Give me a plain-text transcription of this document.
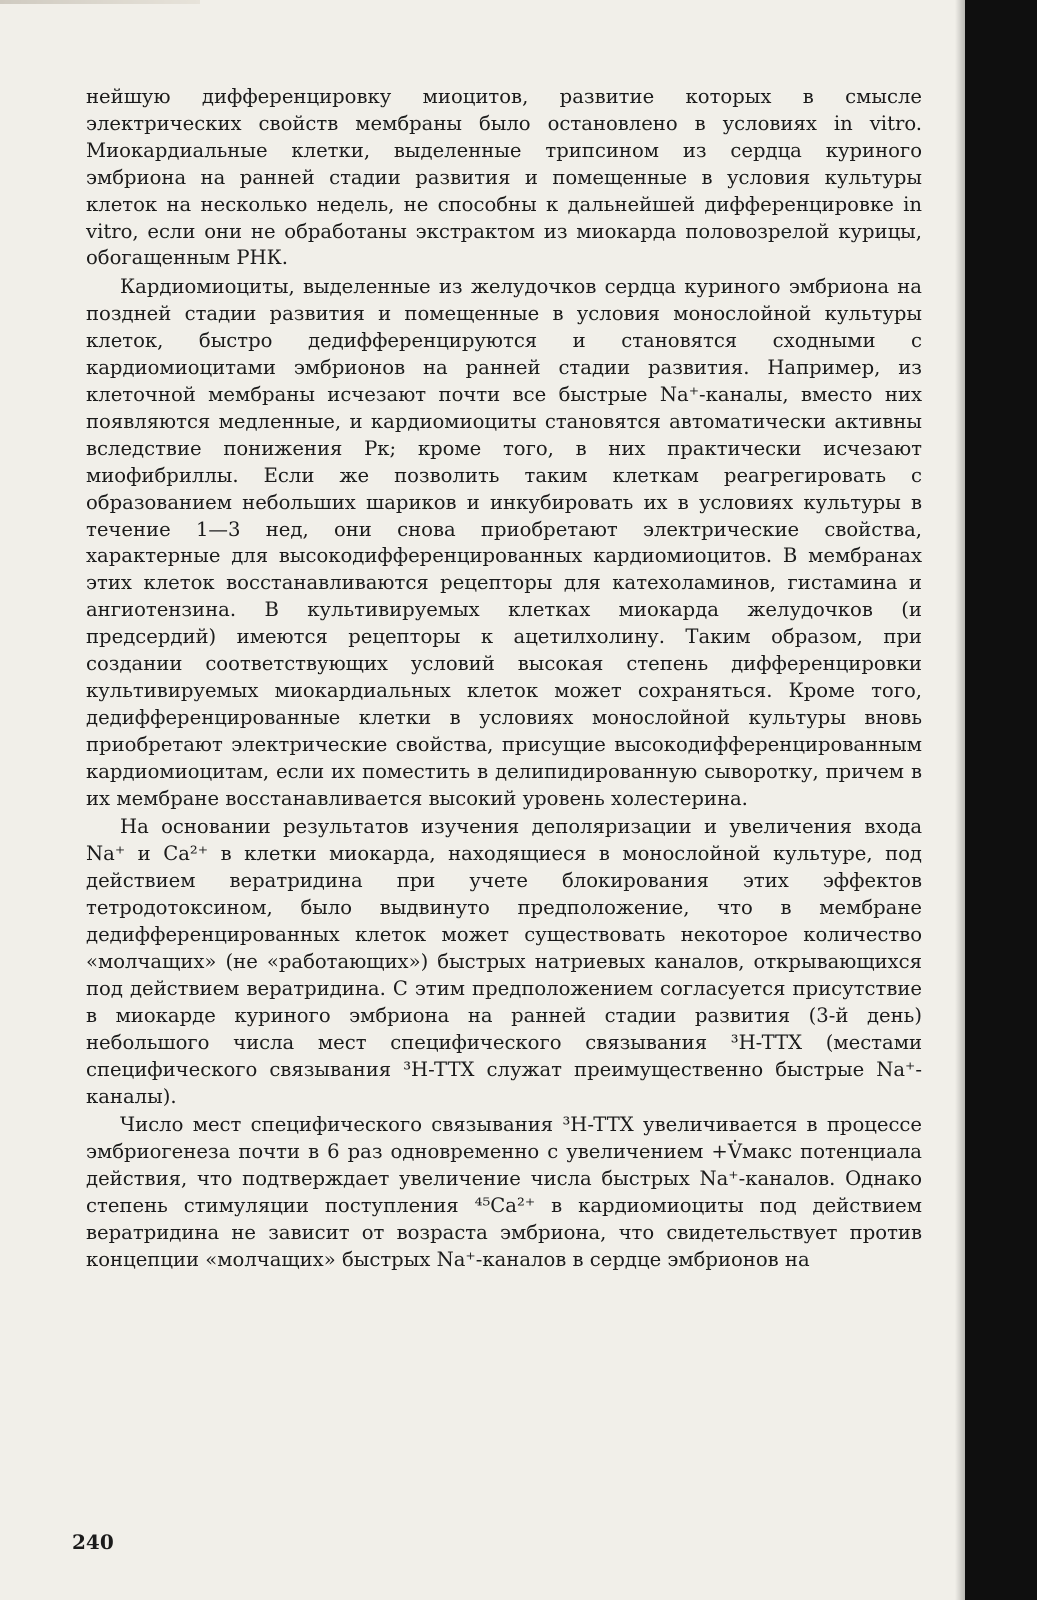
нейшую дифференцировку миоцитов, развитие которых в смысле электрических свойств мембраны было остановлено в условиях in vitro. Миокардиальные клетки, выделенные трипсином из сердца куриного эмбриона на ранней стадии развития и помещенные в условия культуры клеток на несколько недель, не способны к дальнейшей дифференцировке in vitro, если они не обработаны экстрактом из миокарда половозрелой курицы, обогащенным РНК.

Кардиомиоциты, выделенные из желудочков сердца куриного эмбриона на поздней стадии развития и помещенные в условия монослойной культуры клеток, быстро дедифференцируются и становятся сходными с кардиомиоцитами эмбрионов на ранней стадии развития. Например, из клеточной мембраны исчезают почти все быстрые Na⁺-каналы, вместо них появляются медленные, и кардиомиоциты становятся автоматически активны вследствие понижения Pк; кроме того, в них практически исчезают миофибриллы. Если же позволить таким клеткам реагрегировать с образованием небольших шариков и инкубировать их в условиях культуры в течение 1—3 нед, они снова приобретают электрические свойства, характерные для высокодифференцированных кардиомиоцитов. В мембранах этих клеток восстанавливаются рецепторы для катехоламинов, гистамина и ангиотензина. В культивируемых клетках миокарда желудочков (и предсердий) имеются рецепторы к ацетилхолину. Таким образом, при создании соответствующих условий высокая степень дифференцировки культивируемых миокардиальных клеток может сохраняться. Кроме того, дедифференцированные клетки в условиях монослойной культуры вновь приобретают электрические свойства, присущие высокодифференцированным кардиомиоцитам, если их поместить в делипидированную сыворотку, причем в их мембране восстанавливается высокий уровень холестерина.

На основании результатов изучения деполяризации и увеличения входа Na⁺ и Ca²⁺ в клетки миокарда, находящиеся в монослойной культуре, под действием вератридина при учете блокирования этих эффектов тетродотоксином, было выдвинуто предположение, что в мембране дедифференцированных клеток может существовать некоторое количество «молчащих» (не «работающих») быстрых натриевых каналов, открывающихся под действием вератридина. С этим предположением согласуется присутствие в миокарде куриного эмбриона на ранней стадии развития (3-й день) небольшого числа мест специфического связывания ³H-TTX (местами специфического связывания ³H-TTX служат преимущественно быстрые Na⁺-каналы).

Число мест специфического связывания ³H-TTX увеличивается в процессе эмбриогенеза почти в 6 раз одновременно с увеличением +V̇макс потенциала действия, что подтверждает увеличение числа быстрых Na⁺-каналов. Однако степень стимуляции поступления ⁴⁵Ca²⁺ в кардиомиоциты под действием вератридина не зависит от возраста эмбриона, что свидетельствует против концепции «молчащих» быстрых Na⁺-каналов в сердце эмбрионов на

240
